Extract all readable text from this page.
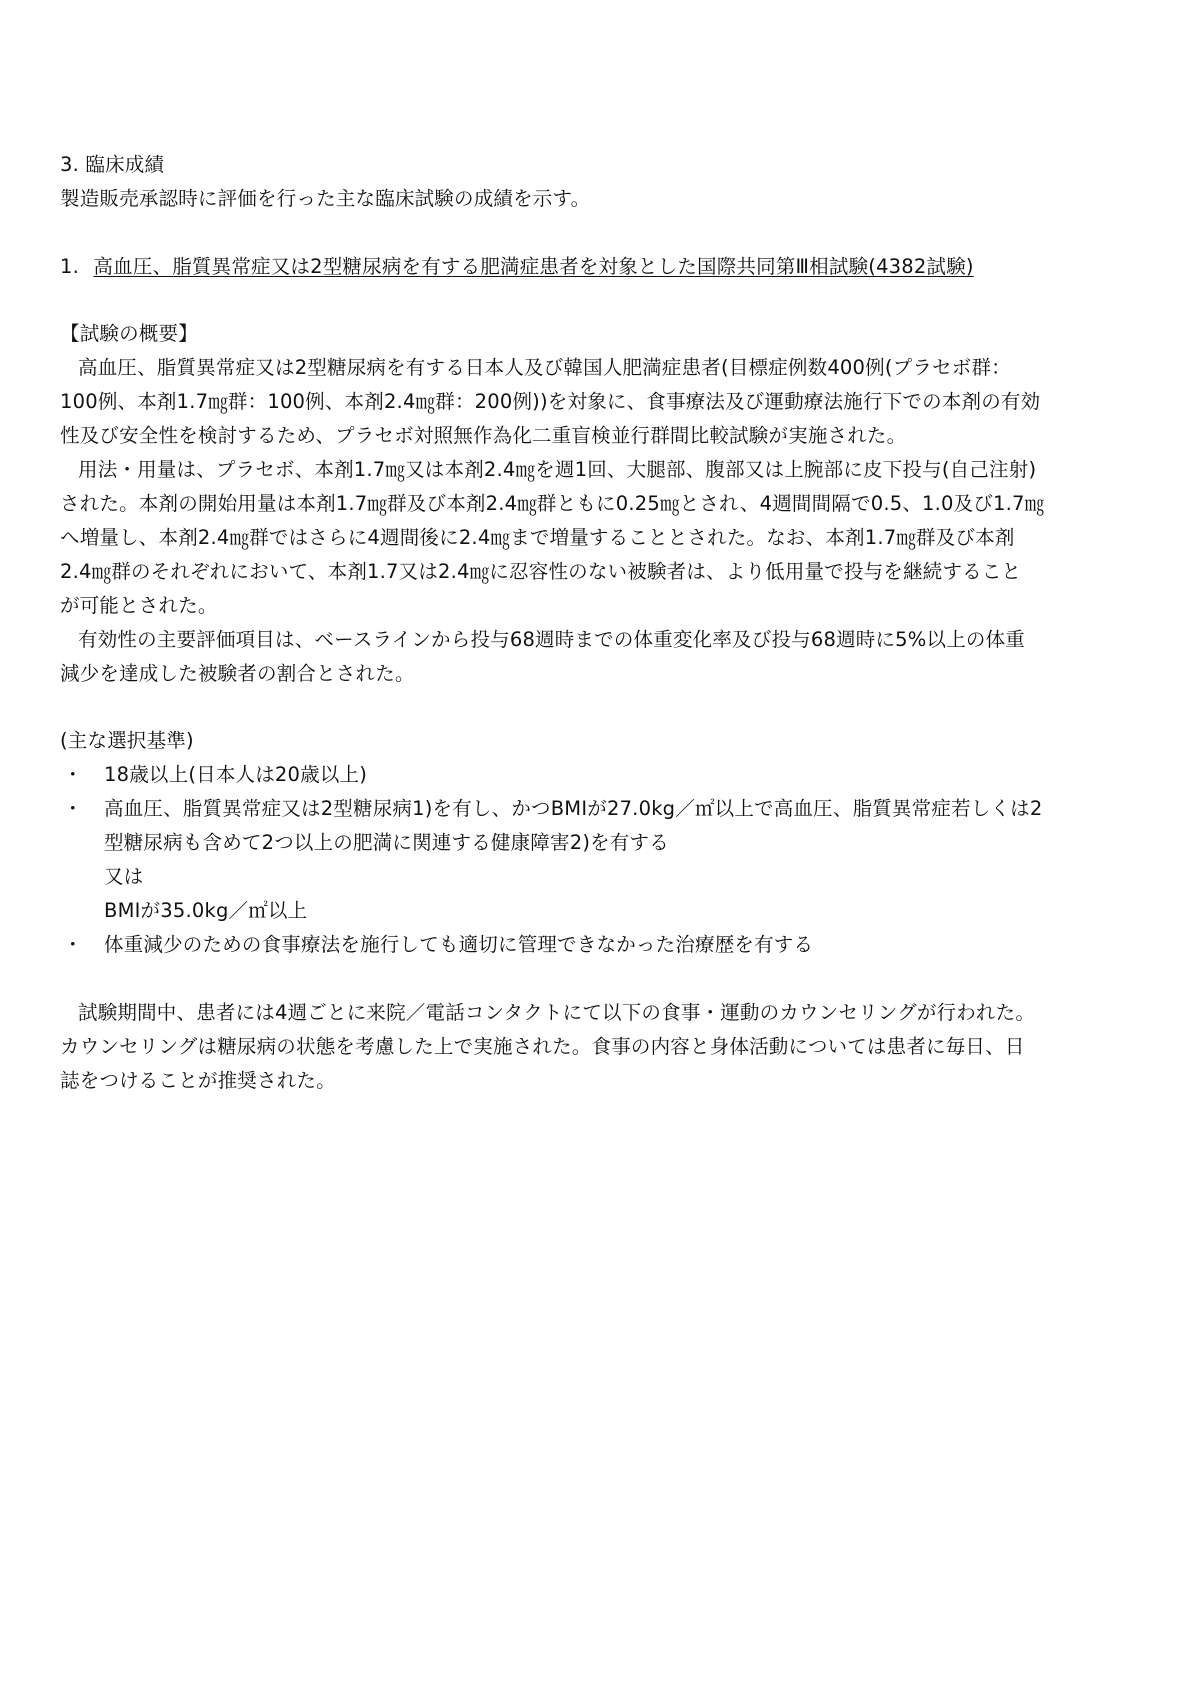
3. 臨床成績
製造販売承認時に評価を行った主な臨床試験の成績を示す。
1. 高血圧、脂質異常症又は2型糖尿病を有する肥満症患者を対象とした国際共同第Ⅲ相試験(4382試験)
【試験の概要】
高血圧、脂質異常症又は2型糖尿病を有する日本人及び韓国人肥満症患者(目標症例数400例(プラセボ群：
100例、本剤1.7㎎群：100例、本剤2.4㎎群：200例))を対象に、食事療法及び運動療法施行下での本剤の有効
性及び安全性を検討するため、プラセボ対照無作為化二重盲検並行群間比較試験が実施された。
用法・用量は、プラセボ、本剤1.7㎎又は本剤2.4㎎を週1回、大腿部、腹部又は上腕部に皮下投与(自己注射)
された。本剤の開始用量は本剤1.7㎎群及び本剤2.4㎎群ともに0.25㎎とされ、4週間間隔で0.5、1.0及び1.7㎎
へ増量し、本剤2.4㎎群ではさらに4週間後に2.4㎎まで増量することとされた。なお、本剤1.7㎎群及び本剤
2.4㎎群のそれぞれにおいて、本剤1.7又は2.4㎎に忍容性のない被験者は、より低用量で投与を継続すること
が可能とされた。
有効性の主要評価項目は、ベースラインから投与68週時までの体重変化率及び投与68週時に5%以上の体重
減少を達成した被験者の割合とされた。
(主な選択基準)
・ 18歳以上(日本人は20歳以上)
・ 高血圧、脂質異常症又は2型糖尿病1)を有し、かつBMIが27.0kg／㎡以上で高血圧、脂質異常症若しくは2
型糖尿病も含めて2つ以上の肥満に関連する健康障害2)を有する
又は
BMIが35.0kg／㎡以上
・ 体重減少のための食事療法を施行しても適切に管理できなかった治療歴を有する
試験期間中、患者には4週ごとに来院／電話コンタクトにて以下の食事・運動のカウンセリングが行われた。
カウンセリングは糖尿病の状態を考慮した上で実施された。食事の内容と身体活動については患者に毎日、日
誌をつけることが推奨された。
